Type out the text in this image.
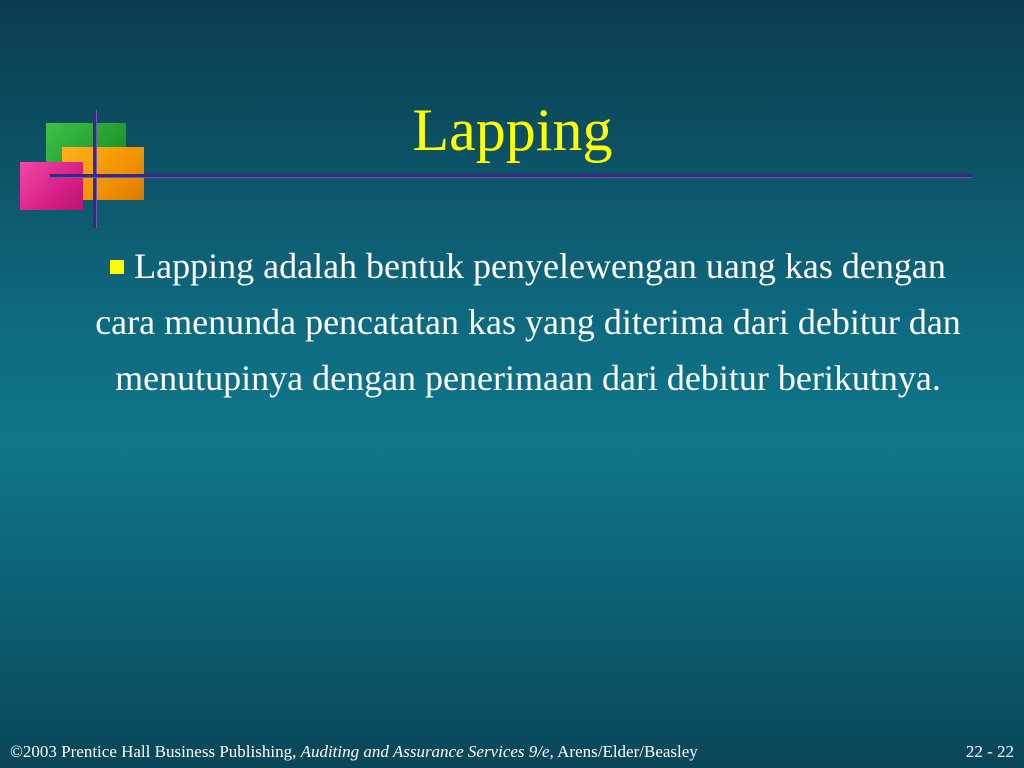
Lapping
Lapping adalah bentuk penyelewengan uang kas dengan cara menunda pencatatan kas yang diterima dari debitur dan menutupinya dengan penerimaan dari debitur berikutnya.
©2003 Prentice Hall Business Publishing, Auditing and Assurance Services 9/e, Arens/Elder/Beasley	22 - 22
